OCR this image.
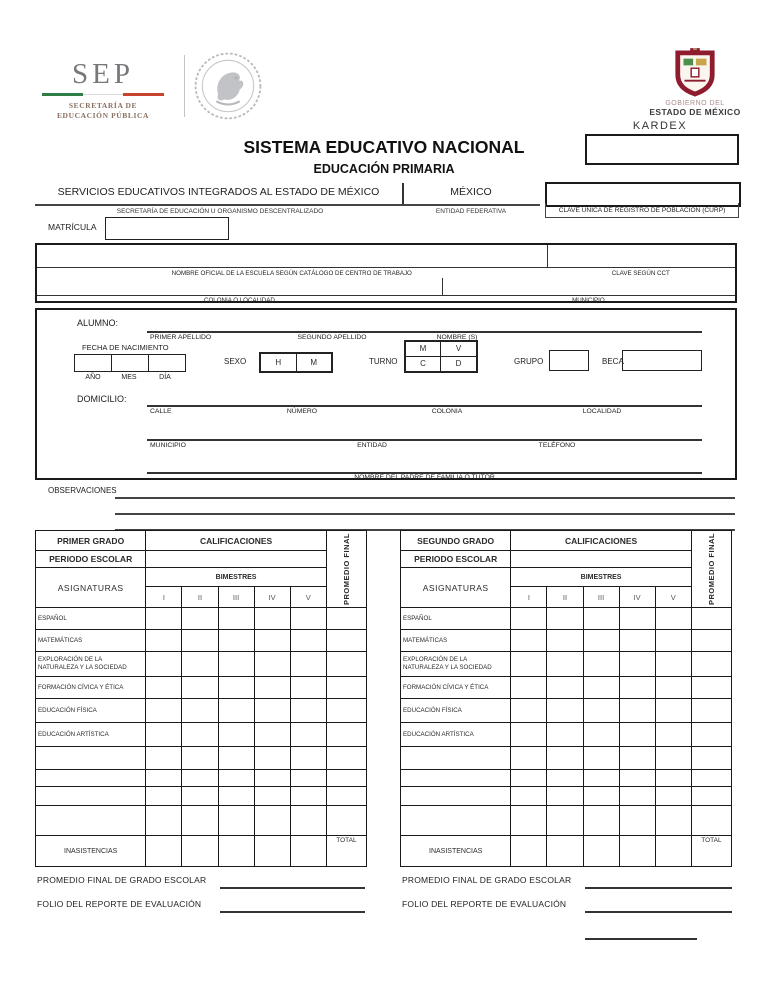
SEP
SECRETARÍA DE
EDUCACIÓN PÚBLICA
GOBIERNO DEL
ESTADO DE MÉXICO
KARDEX
SISTEMA EDUCATIVO NACIONAL
EDUCACIÓN PRIMARIA
SERVICIOS EDUCATIVOS INTEGRADOS AL ESTADO DE MÉXICO	MÉXICO
SECRETARÍA DE EDUCACIÓN U ORGANISMO DESCENTRALIZADO	ENTIDAD FEDERATIVA	CLAVE ÚNICA DE REGISTRO DE POBLACIÓN (CURP)
MATRÍCULA
NOMBRE OFICIAL DE LA ESCUELA SEGÚN CATÁLOGO DE CENTRO DE TRABAJO	CLAVE SEGÚN CCT
COLONIA O LOCALIDAD	MUNICIPIO
ALUMNO:
PRIMER APELLIDO	SEGUNDO APELLIDO	NOMBRE (S)
FECHA DE NACIMIENTO
AÑO	MES	DÍA
SEXO	H	M	TURNO
M	V
C	D	GRUPO	BECA
DOMICILIO:
CALLE	NÚMERO	COLONIA	LOCALIDAD
MUNICIPIO	ENTIDAD	TELÉFONO
NOMBRE DEL PADRE DE FAMILIA O TUTOR
OBSERVACIONES
PRIMER GRADO	CALIFICACIONES					PROMEDIO FINAL

PERIODO ESCOLAR						
ASIGNATURAS	BIMESTRES					
	I	II	III	IV	V	
ESPAÑOL						
MATEMÁTICAS						
EXPLORACIÓN DE LA NATURALEZA Y LA SOCIEDAD						
FORMACIÓN CÍVICA Y ÉTICA						
EDUCACIÓN FÍSICA						
EDUCACIÓN ARTÍSTICA						

INASISTENCIAS						TOTAL
SEGUNDO GRADO	CALIFICACIONES					PROMEDIO FINAL

PERIODO ESCOLAR						
ASIGNATURAS	BIMESTRES					
	I	II	III	IV	V	
ESPAÑOL						
MATEMÁTICAS						
EXPLORACIÓN DE LA NATURALEZA Y LA SOCIEDAD						
FORMACIÓN CÍVICA Y ÉTICA						
EDUCACIÓN FÍSICA						
EDUCACIÓN ARTÍSTICA						

INASISTENCIAS						TOTAL
PROMEDIO FINAL DE GRADO ESCOLAR
FOLIO DEL REPORTE DE EVALUACIÓN
PROMEDIO FINAL DE GRADO ESCOLAR
FOLIO DEL REPORTE DE EVALUACIÓN
